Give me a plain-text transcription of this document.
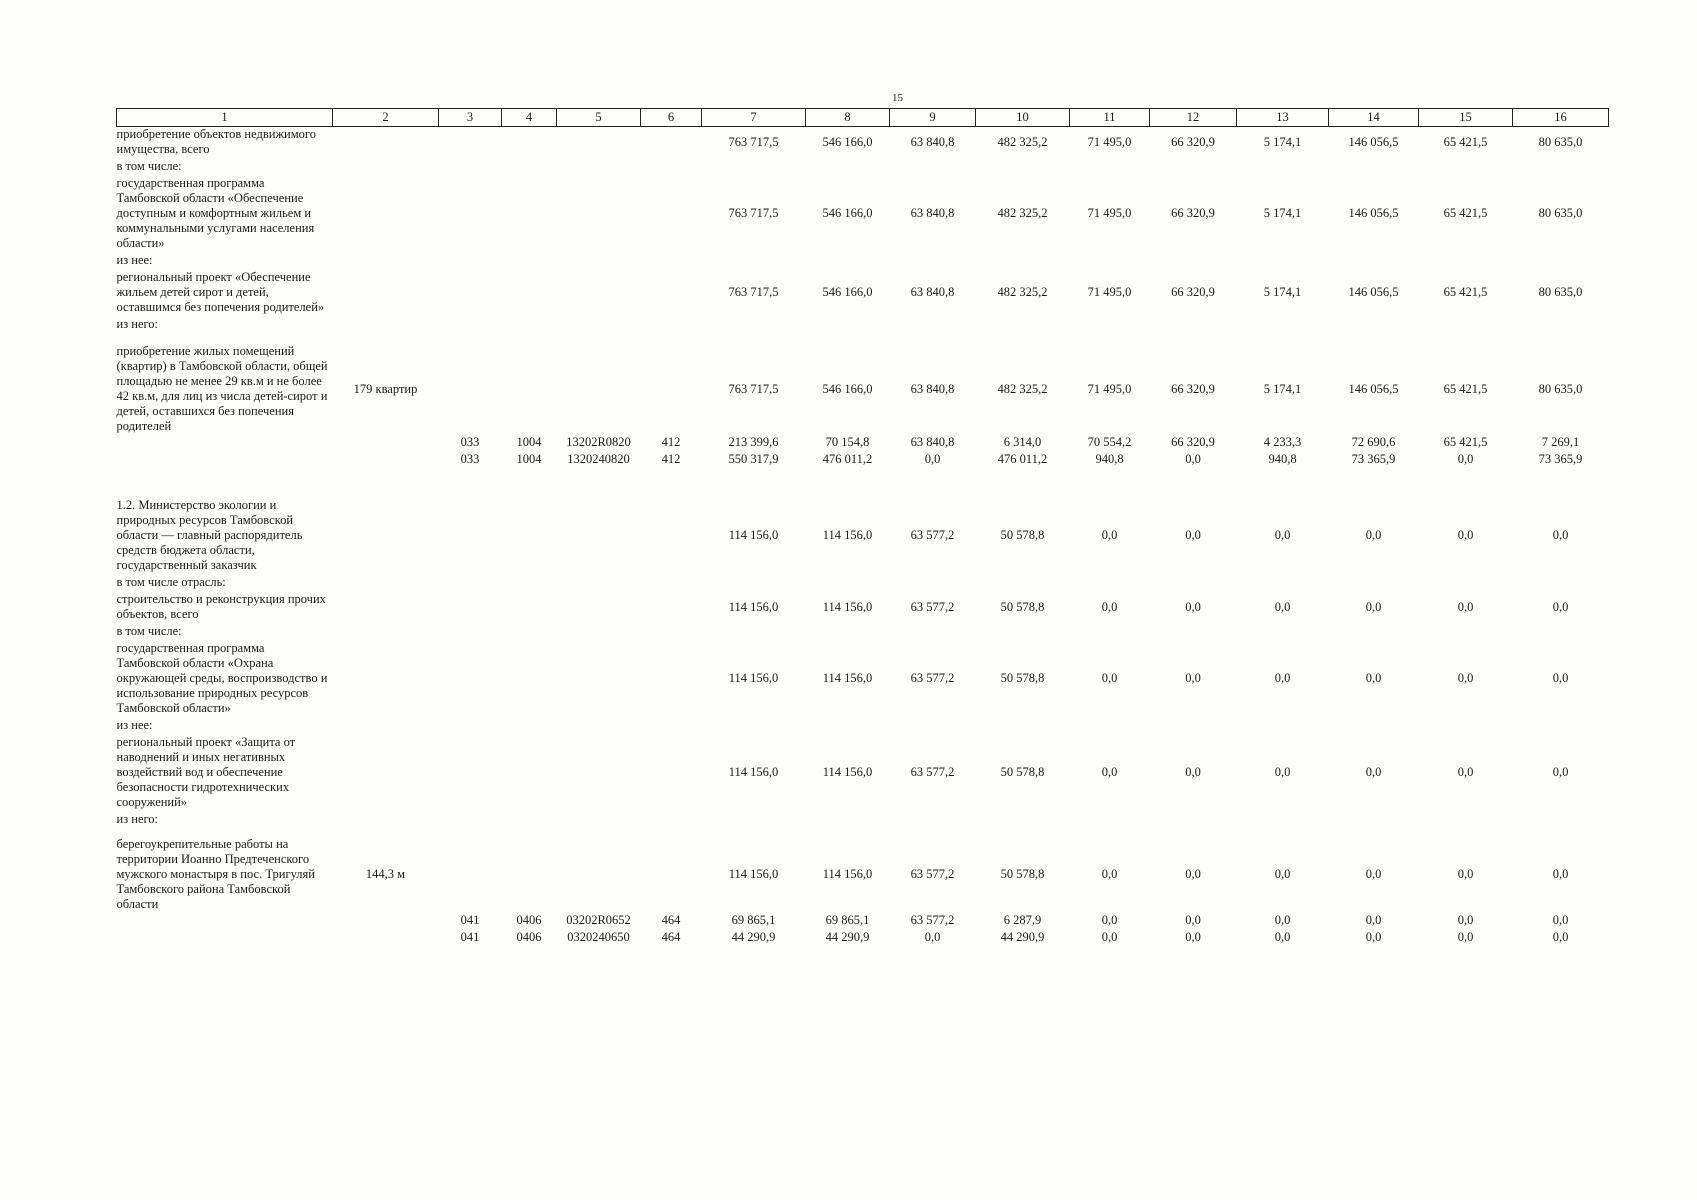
15
1	2	3	4	5	6	7	8	9	10	11	12	13	14	15	16
приобретение объектов недвижимого имущества, всего						763 717,5	546 166,0	63 840,8	482 325,2	71 495,0	66 320,9	5 174,1	146 056,5	65 421,5	80 635,0
в том числе:															
государственная программа Тамбовской области «Обеспечение доступным и комфортным жильем и коммунальными услугами населения области»						763 717,5	546 166,0	63 840,8	482 325,2	71 495,0	66 320,9	5 174,1	146 056,5	65 421,5	80 635,0
из нее:															
региональный проект «Обеспечение жильем детей сирот и детей, оставшимся без попечения родителей»						763 717,5	546 166,0	63 840,8	482 325,2	71 495,0	66 320,9	5 174,1	146 056,5	65 421,5	80 635,0
из него:															

приобретение жилых помещений (квартир) в Тамбовской области, общей площадью не менее 29 кв.м и не более 42 кв.м, для лиц из числа детей-сирот и детей, оставшихся без попечения родителей	179 квартир					763 717,5	546 166,0	63 840,8	482 325,2	71 495,0	66 320,9	5 174,1	146 056,5	65 421,5	80 635,0
		033	1004	13202R0820	412	213 399,6	70 154,8	63 840,8	6 314,0	70 554,2	66 320,9	4 233,3	72 690,6	65 421,5	7 269,1
		033	1004	1320240820	412	550 317,9	476 011,2	0,0	476 011,2	940,8	0,0	940,8	73 365,9	0,0	73 365,9

1.2. Министерство экологии и природных ресурсов Тамбовской области — главный распорядитель средств бюджета области, государственный заказчик						114 156,0	114 156,0	63 577,2	50 578,8	0,0	0,0	0,0	0,0	0,0	0,0
в том числе отрасль:															
строительство и реконструкция прочих объектов, всего						114 156,0	114 156,0	63 577,2	50 578,8	0,0	0,0	0,0	0,0	0,0	0,0
в том числе:															
государственная программа Тамбовской области «Охрана окружающей среды, воспроизводство и использование природных ресурсов Тамбовской области»						114 156,0	114 156,0	63 577,2	50 578,8	0,0	0,0	0,0	0,0	0,0	0,0
из нее:															
региональный проект «Защита от наводнений и иных негативных воздействий вод и обеспечение безопасности гидротехнических сооружений»						114 156,0	114 156,0	63 577,2	50 578,8	0,0	0,0	0,0	0,0	0,0	0,0
из него:															

берегоукрепительные работы на территории Иоанно Предтеченского мужского монастыря в пос. Тригуляй Тамбовского района Тамбовской области	144,3 м					114 156,0	114 156,0	63 577,2	50 578,8	0,0	0,0	0,0	0,0	0,0	0,0
		041	0406	03202R0652	464	69 865,1	69 865,1	63 577,2	6 287,9	0,0	0,0	0,0	0,0	0,0	0,0
		041	0406	0320240650	464	44 290,9	44 290,9	0,0	44 290,9	0,0	0,0	0,0	0,0	0,0	0,0
